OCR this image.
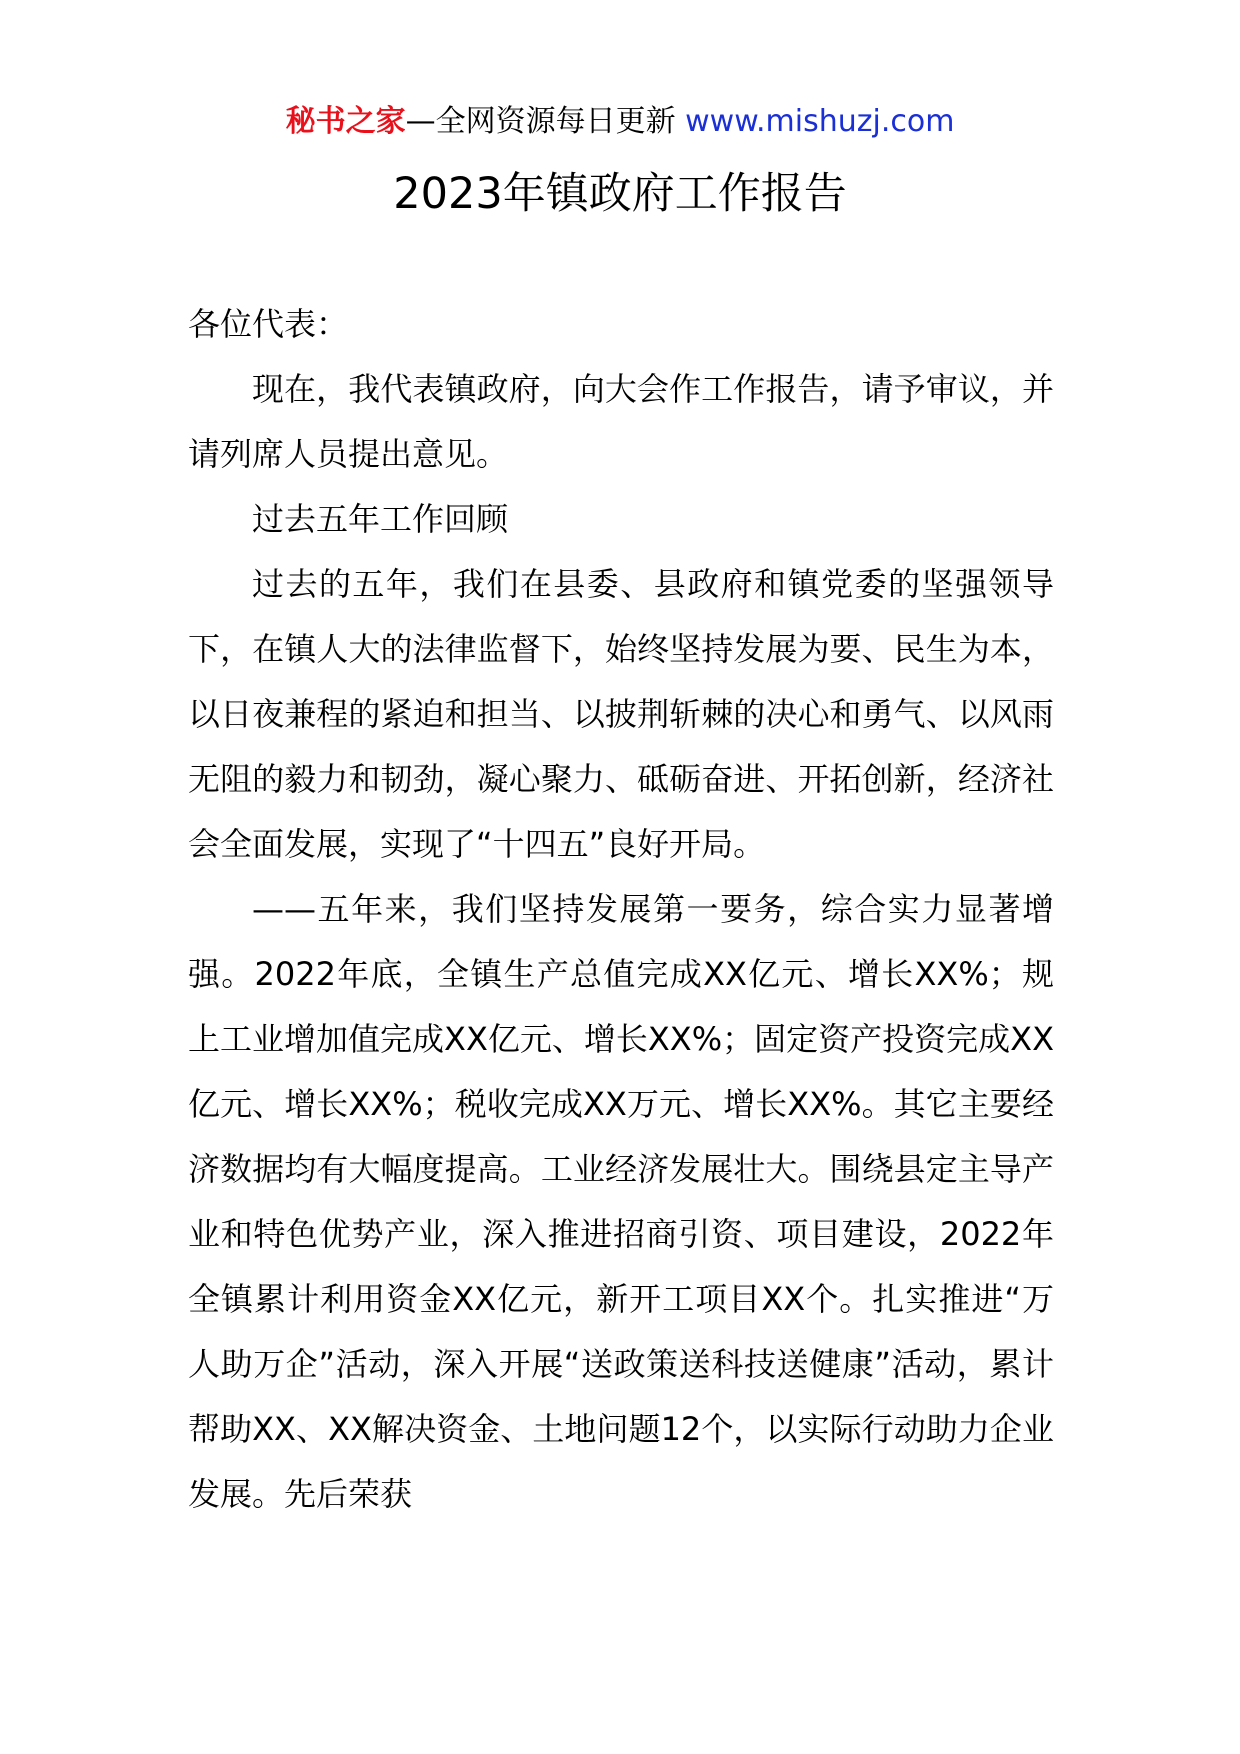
秘书之家—全网资源每日更新 www.mishuzj.com
2023年镇政府工作报告

各位代表：

现在，我代表镇政府，向大会作工作报告，请予审议，并请列席人员提出意见。

过去五年工作回顾

过去的五年，我们在县委、县政府和镇党委的坚强领导下，在镇人大的法律监督下，始终坚持发展为要、民生为本，以日夜兼程的紧迫和担当、以披荆斩棘的决心和勇气、以风雨无阻的毅力和韧劲，凝心聚力、砥砺奋进、开拓创新，经济社会全面发展，实现了“十四五”良好开局。

——五年来，我们坚持发展第一要务，综合实力显著增强。2022年底，全镇生产总值完成XX亿元、增长XX%；规上工业增加值完成XX亿元、增长XX%；固定资产投资完成XX亿元、增长XX%；税收完成XX万元、增长XX%。其它主要经济数据均有大幅度提高。工业经济发展壮大。围绕县定主导产业和特色优势产业，深入推进招商引资、项目建设，2022年全镇累计利用资金XX亿元，新开工项目XX个。扎实推进“万人助万企”活动，深入开展“送政策送科技送健康”活动，累计帮助XX、XX解决资金、土地问题12个，以实际行动助力企业发展。先后荣获
